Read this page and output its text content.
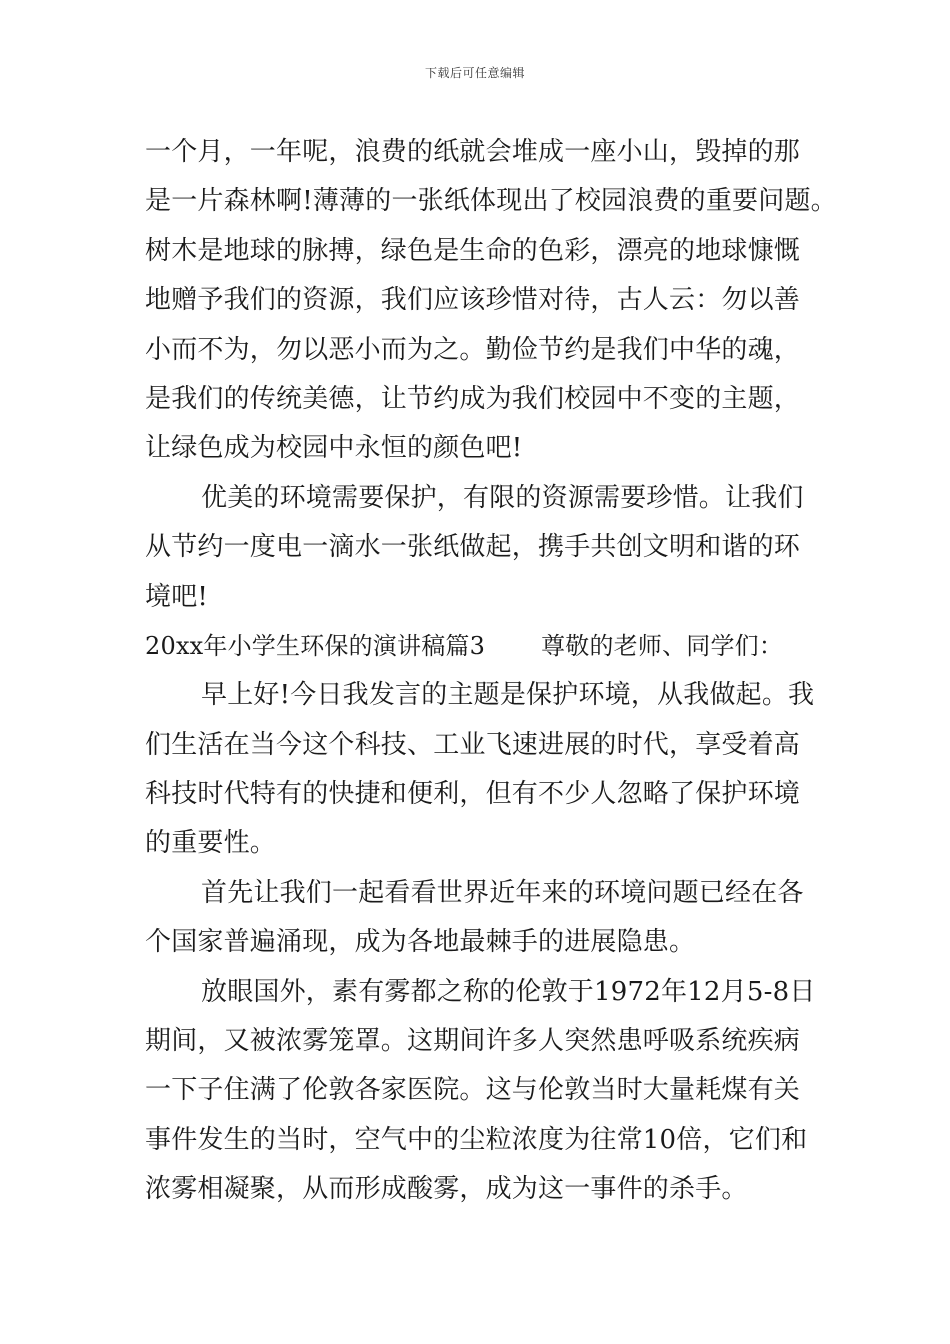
下载后可任意编辑
一个月，一年呢，浪费的纸就会堆成一座小山，毁掉的那
是一片森林啊!薄薄的一张纸体现出了校园浪费的重要问题。
树木是地球的脉搏，绿色是生命的色彩，漂亮的地球慷慨
地赠予我们的资源，我们应该珍惜对待，古人云：勿以善
小而不为，勿以恶小而为之。勤俭节约是我们中华的魂，
是我们的传统美德，让节约成为我们校园中不变的主题，
让绿色成为校园中永恒的颜色吧!
优美的环境需要保护，有限的资源需要珍惜。让我们
从节约一度电一滴水一张纸做起，携手共创文明和谐的环
境吧!
20xx年小学生环保的演讲稿篇3 尊敬的老师、同学们：
早上好!今日我发言的主题是保护环境，从我做起。我
们生活在当今这个科技、工业飞速进展的时代，享受着高
科技时代特有的快捷和便利，但有不少人忽略了保护环境
的重要性。
首先让我们一起看看世界近年来的环境问题已经在各
个国家普遍涌现，成为各地最棘手的进展隐患。
放眼国外，素有雾都之称的伦敦于1972年12月5-8日
期间，又被浓雾笼罩。这期间许多人突然患呼吸系统疾病
一下子住满了伦敦各家医院。这与伦敦当时大量耗煤有关
事件发生的当时，空气中的尘粒浓度为往常10倍，它们和
浓雾相凝聚，从而形成酸雾，成为这一事件的杀手。
